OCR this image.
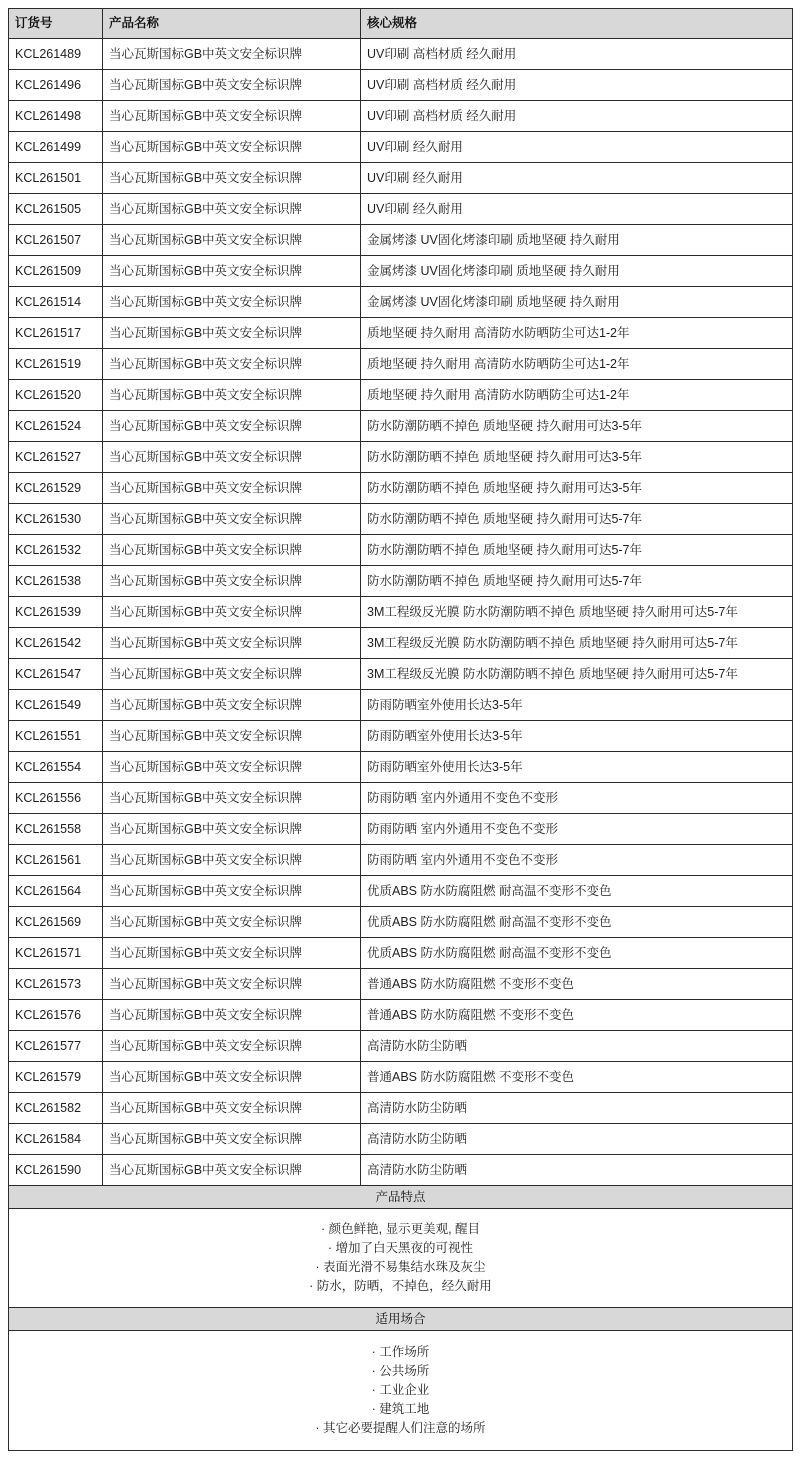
订货号	产品名称	核心规格
KCL261489	当心瓦斯国标GB中英文安全标识牌	UV印刷 高档材质 经久耐用
KCL261496	当心瓦斯国标GB中英文安全标识牌	UV印刷 高档材质 经久耐用
KCL261498	当心瓦斯国标GB中英文安全标识牌	UV印刷 高档材质 经久耐用
KCL261499	当心瓦斯国标GB中英文安全标识牌	UV印刷 经久耐用
KCL261501	当心瓦斯国标GB中英文安全标识牌	UV印刷 经久耐用
KCL261505	当心瓦斯国标GB中英文安全标识牌	UV印刷 经久耐用
KCL261507	当心瓦斯国标GB中英文安全标识牌	金属烤漆 UV固化烤漆印刷 质地坚硬 持久耐用
KCL261509	当心瓦斯国标GB中英文安全标识牌	金属烤漆 UV固化烤漆印刷 质地坚硬 持久耐用
KCL261514	当心瓦斯国标GB中英文安全标识牌	金属烤漆 UV固化烤漆印刷 质地坚硬 持久耐用
KCL261517	当心瓦斯国标GB中英文安全标识牌	质地坚硬 持久耐用 高清防水防晒防尘可达1-2年
KCL261519	当心瓦斯国标GB中英文安全标识牌	质地坚硬 持久耐用 高清防水防晒防尘可达1-2年
KCL261520	当心瓦斯国标GB中英文安全标识牌	质地坚硬 持久耐用 高清防水防晒防尘可达1-2年
KCL261524	当心瓦斯国标GB中英文安全标识牌	防水防潮防晒不掉色 质地坚硬 持久耐用可达3-5年
KCL261527	当心瓦斯国标GB中英文安全标识牌	防水防潮防晒不掉色 质地坚硬 持久耐用可达3-5年
KCL261529	当心瓦斯国标GB中英文安全标识牌	防水防潮防晒不掉色 质地坚硬 持久耐用可达3-5年
KCL261530	当心瓦斯国标GB中英文安全标识牌	防水防潮防晒不掉色 质地坚硬 持久耐用可达5-7年
KCL261532	当心瓦斯国标GB中英文安全标识牌	防水防潮防晒不掉色 质地坚硬 持久耐用可达5-7年
KCL261538	当心瓦斯国标GB中英文安全标识牌	防水防潮防晒不掉色 质地坚硬 持久耐用可达5-7年
KCL261539	当心瓦斯国标GB中英文安全标识牌	3M工程级反光膜 防水防潮防晒不掉色 质地坚硬 持久耐用可达5-7年
KCL261542	当心瓦斯国标GB中英文安全标识牌	3M工程级反光膜 防水防潮防晒不掉色 质地坚硬 持久耐用可达5-7年
KCL261547	当心瓦斯国标GB中英文安全标识牌	3M工程级反光膜 防水防潮防晒不掉色 质地坚硬 持久耐用可达5-7年
KCL261549	当心瓦斯国标GB中英文安全标识牌	防雨防晒室外使用长达3-5年
KCL261551	当心瓦斯国标GB中英文安全标识牌	防雨防晒室外使用长达3-5年
KCL261554	当心瓦斯国标GB中英文安全标识牌	防雨防晒室外使用长达3-5年
KCL261556	当心瓦斯国标GB中英文安全标识牌	防雨防晒 室内外通用不变色不变形
KCL261558	当心瓦斯国标GB中英文安全标识牌	防雨防晒 室内外通用不变色不变形
KCL261561	当心瓦斯国标GB中英文安全标识牌	防雨防晒 室内外通用不变色不变形
KCL261564	当心瓦斯国标GB中英文安全标识牌	优质ABS 防水防腐阻燃 耐高温不变形不变色
KCL261569	当心瓦斯国标GB中英文安全标识牌	优质ABS 防水防腐阻燃 耐高温不变形不变色
KCL261571	当心瓦斯国标GB中英文安全标识牌	优质ABS 防水防腐阻燃 耐高温不变形不变色
KCL261573	当心瓦斯国标GB中英文安全标识牌	普通ABS 防水防腐阻燃 不变形不变色
KCL261576	当心瓦斯国标GB中英文安全标识牌	普通ABS 防水防腐阻燃 不变形不变色
KCL261577	当心瓦斯国标GB中英文安全标识牌	高清防水防尘防晒
KCL261579	当心瓦斯国标GB中英文安全标识牌	普通ABS 防水防腐阻燃 不变形不变色
KCL261582	当心瓦斯国标GB中英文安全标识牌	高清防水防尘防晒
KCL261584	当心瓦斯国标GB中英文安全标识牌	高清防水防尘防晒
KCL261590	当心瓦斯国标GB中英文安全标识牌	高清防水防尘防晒
产品特点		

· 颜色鲜艳, 显示更美观, 醒目
· 增加了白天黑夜的可视性
· 表面光滑不易集结水珠及灰尘
· 防水，防晒，不掉色，经久耐用		

适用场合		

· 工作场所
· 公共场所
· 工业企业
· 建筑工地
· 其它必要提醒人们注意的场所		
